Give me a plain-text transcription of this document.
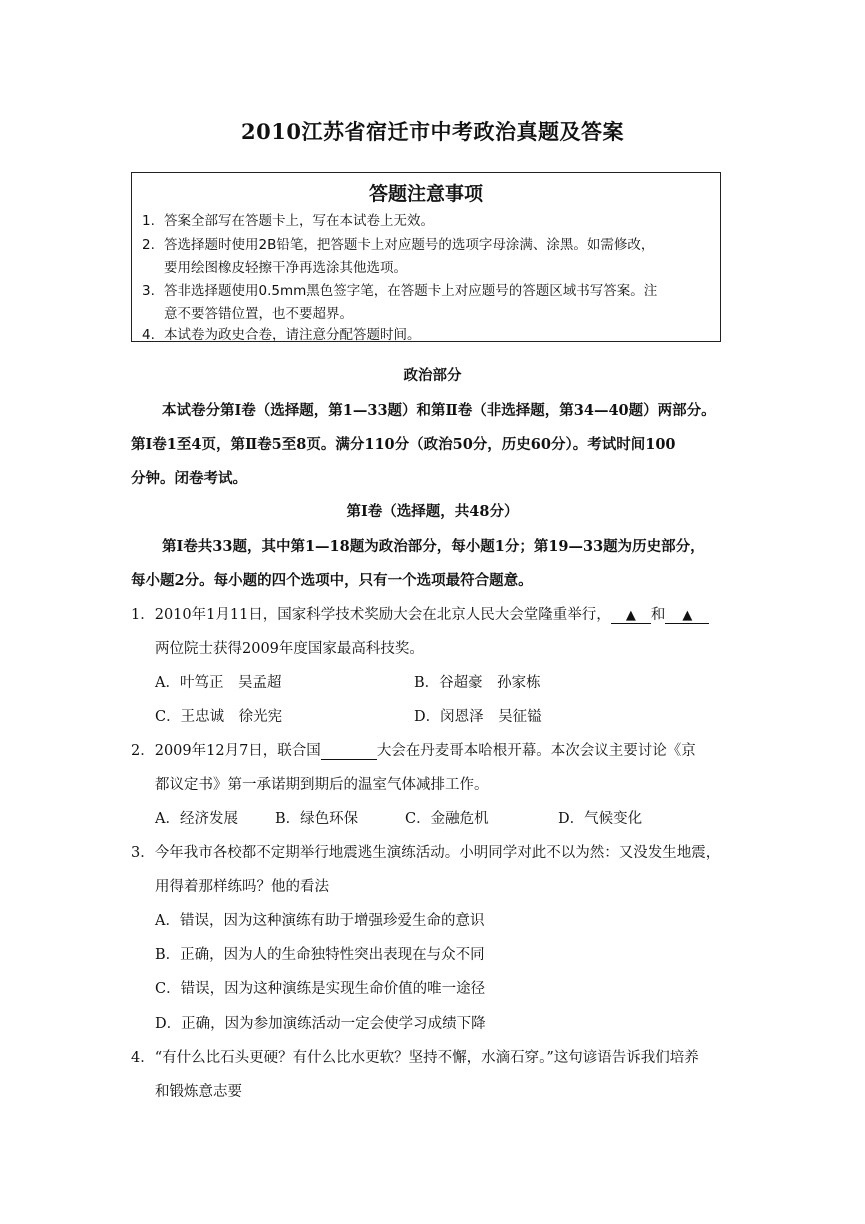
2010江苏省宿迁市中考政治真题及答案
答题注意事项
1. 答案全部写在答题卡上，写在本试卷上无效。
2. 答选择题时使用2B铅笔，把答题卡上对应题号的选项字母涂满、涂黑。如需修改，
要用绘图橡皮轻擦干净再选涂其他选项。
3. 答非选择题使用0.5mm黑色签字笔，在答题卡上对应题号的答题区域书写答案。注
意不要答错位置，也不要超界。
4. 本试卷为政史合卷，请注意分配答题时间。
政治部分
本试卷分第Ⅰ卷（选择题，第1—33题）和第Ⅱ卷（非选择题，第34—40题）两部分。
第Ⅰ卷1至4页，第Ⅱ卷5至8页。满分110分（政治50分，历史60分）。考试时间100
分钟。闭卷考试。
第Ⅰ卷（选择题，共48分）
第Ⅰ卷共33题，其中第1—18题为政治部分，每小题1分；第19—33题为历史部分，
每小题2分。每小题的四个选项中，只有一个选项最符合题意。
1．2010年1月11日，国家科学技术奖励大会在北京人民大会堂隆重举行， ▲ 和 ▲
两位院士获得2009年度国家最高科技奖。
A．叶笃正　吴孟超	B．谷超豪　孙家栋
C．王忠诚　徐光宪	D．闵恩泽　吴征镒
2．2009年12月7日，联合国	大会在丹麦哥本哈根开幕。本次会议主要讨论《京
都议定书》第一承诺期到期后的温室气体减排工作。
A．经济发展	B．绿色环保	C．金融危机	D．气候变化
3．今年我市各校都不定期举行地震逃生演练活动。小明同学对此不以为然：又没发生地震，
用得着那样练吗？他的看法
A．错误，因为这种演练有助于增强珍爱生命的意识
B．正确，因为人的生命独特性突出表现在与众不同
C．错误，因为这种演练是实现生命价值的唯一途径
D．正确，因为参加演练活动一定会使学习成绩下降
4．“有什么比石头更硬？有什么比水更软？坚持不懈，水滴石穿。”这句谚语告诉我们培养
和锻炼意志要
